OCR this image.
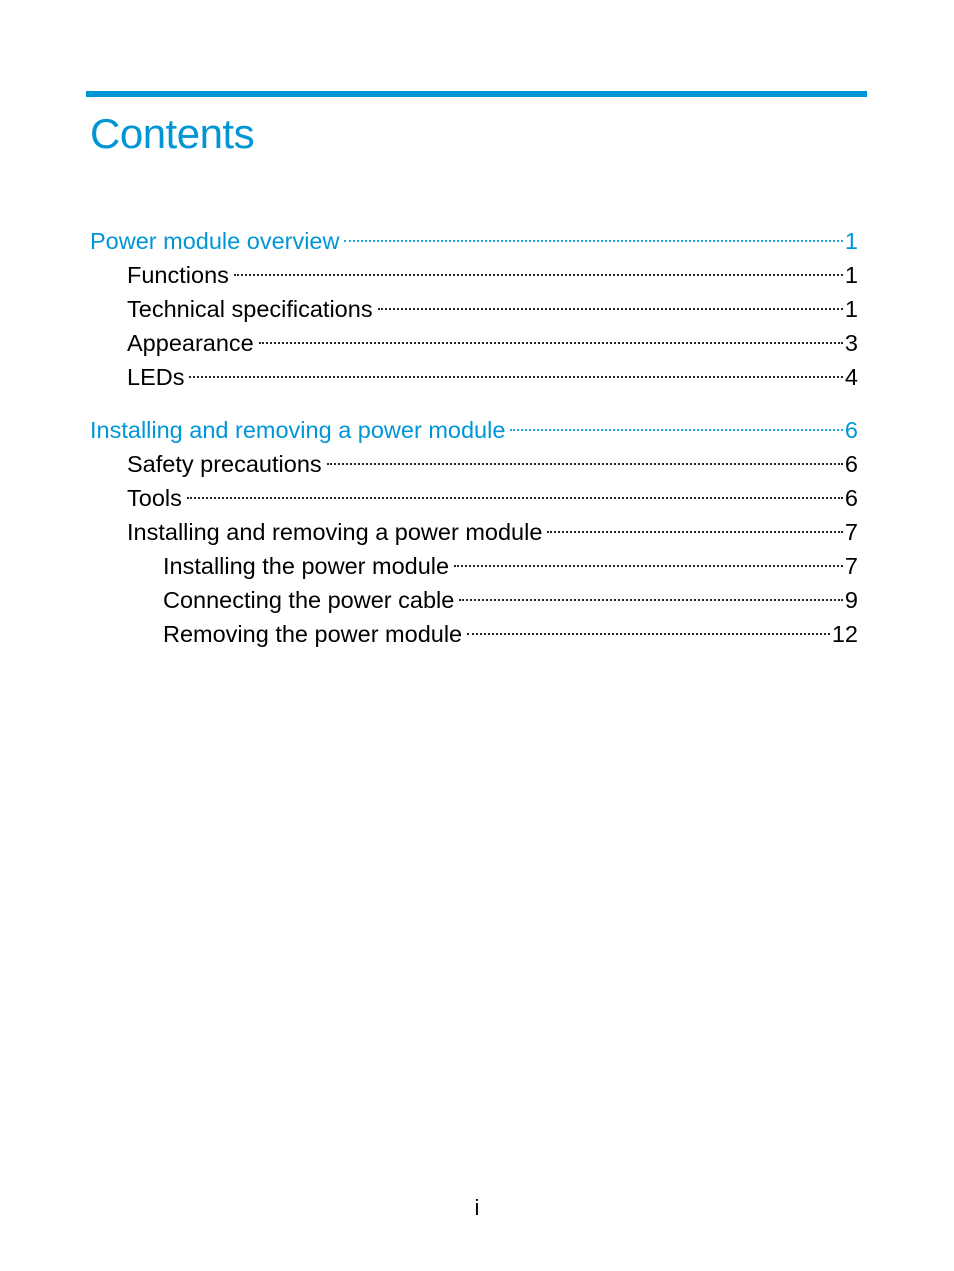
Contents
Power module overview	1
Functions	1
Technical specifications	1
Appearance	3
LEDs	4
Installing and removing a power module	6
Safety precautions	6
Tools	6
Installing and removing a power module	7
Installing the power module	7
Connecting the power cable	9
Removing the power module	12
i
